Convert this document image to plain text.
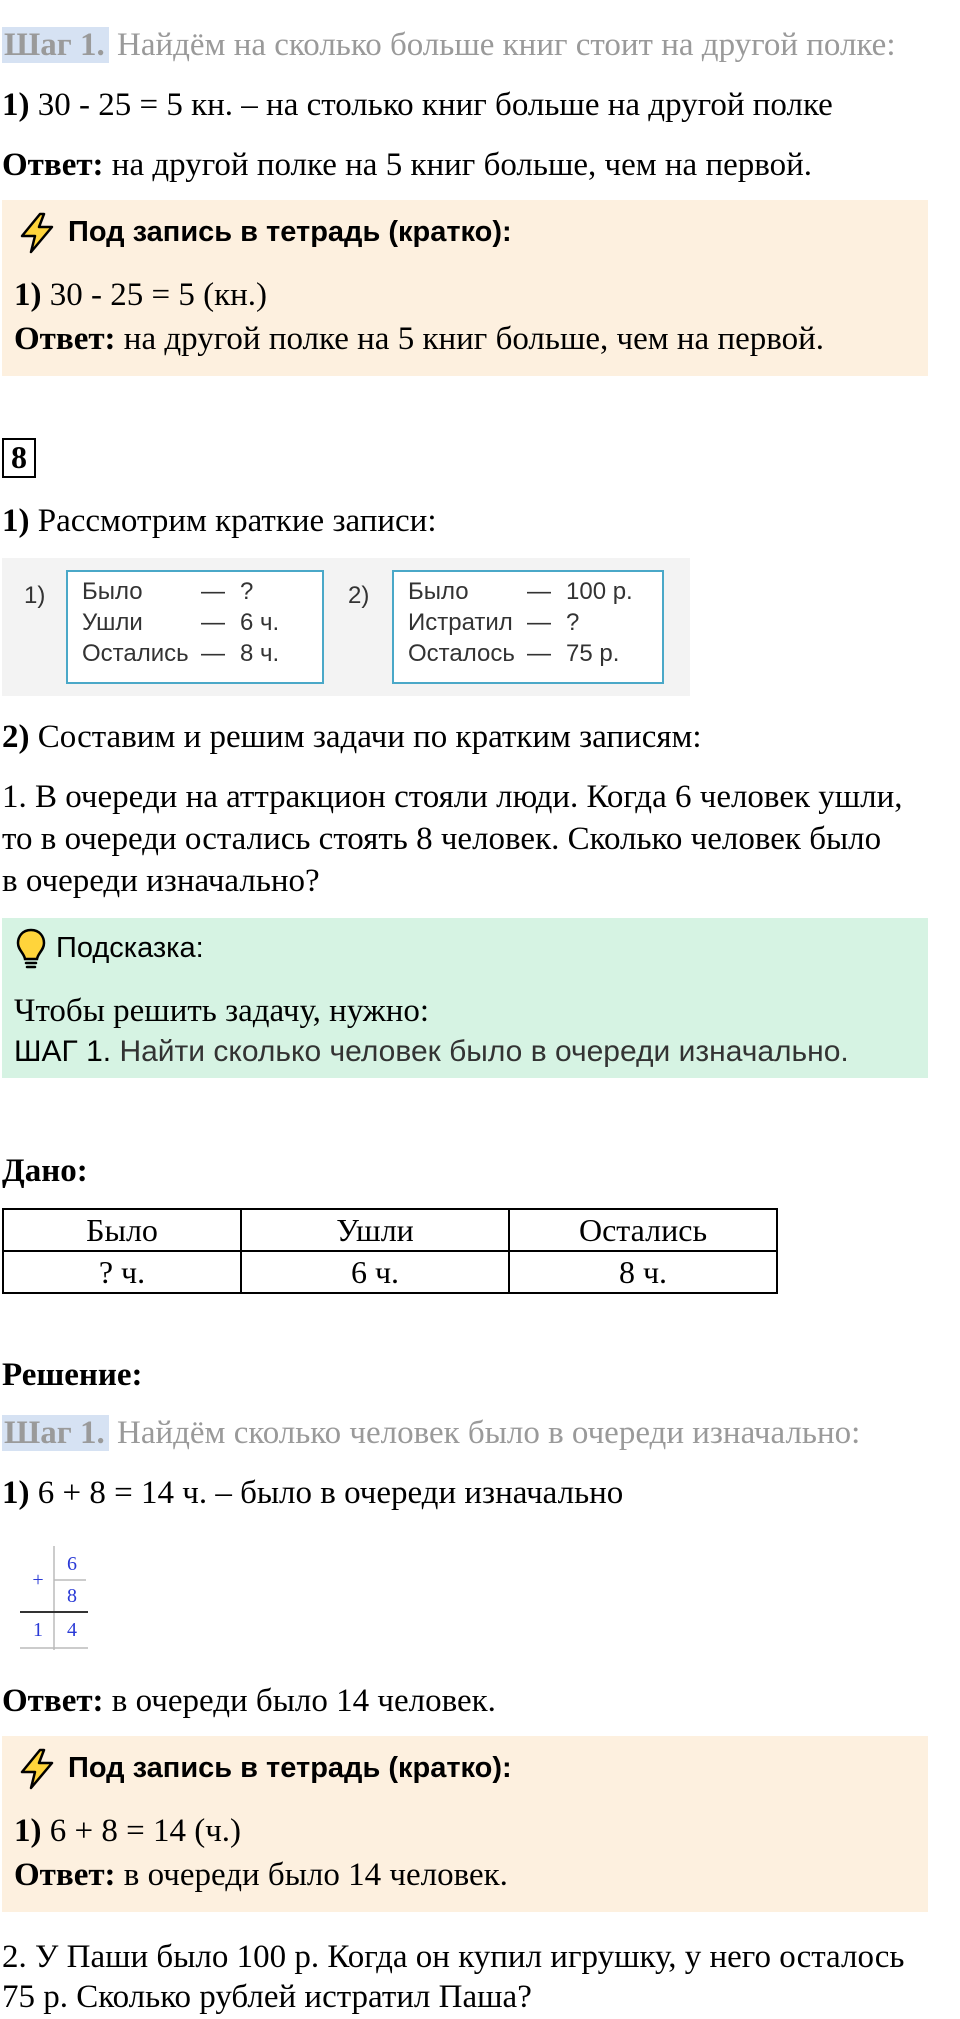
Шаг 1. Найдём на сколько больше книг стоит на другой полке:
1) 30 - 25 = 5 кн. – на столько книг больше на другой полке
Ответ: на другой полке на 5 книг больше, чем на первой.
Под запись в тетрадь (кратко):
1) 30 - 25 = 5 (кн.)
Ответ: на другой полке на 5 книг больше, чем на первой.
8
1) Рассмотрим краткие записи:
1) Было — ?
Ушли — 6 ч.
Остались — 8 ч.
2) Было — 100 р.
Истратил — ?
Осталось — 75 р.
2) Составим и решим задачи по кратким записям:
1. В очереди на аттракцион стояли люди. Когда 6 человек ушли,
то в очереди остались стоять 8 человек. Сколько человек было
в очереди изначально?
Подсказка:
Чтобы решить задачу, нужно:
ШАГ 1. Найти сколько человек было в очереди изначально.
Дано:
Было	Ушли	Остались
? ч.	6 ч.	8 ч.
Решение:
Шаг 1. Найдём сколько человек было в очереди изначально:
1) 6 + 8 = 14 ч. – было в очереди изначально
+
6
8
1	4
Ответ: в очереди было 14 человек.
Под запись в тетрадь (кратко):
1) 6 + 8 = 14 (ч.)
Ответ: в очереди было 14 человек.
2. У Паши было 100 р. Когда он купил игрушку, у него осталось
75 р. Сколько рублей истратил Паша?
